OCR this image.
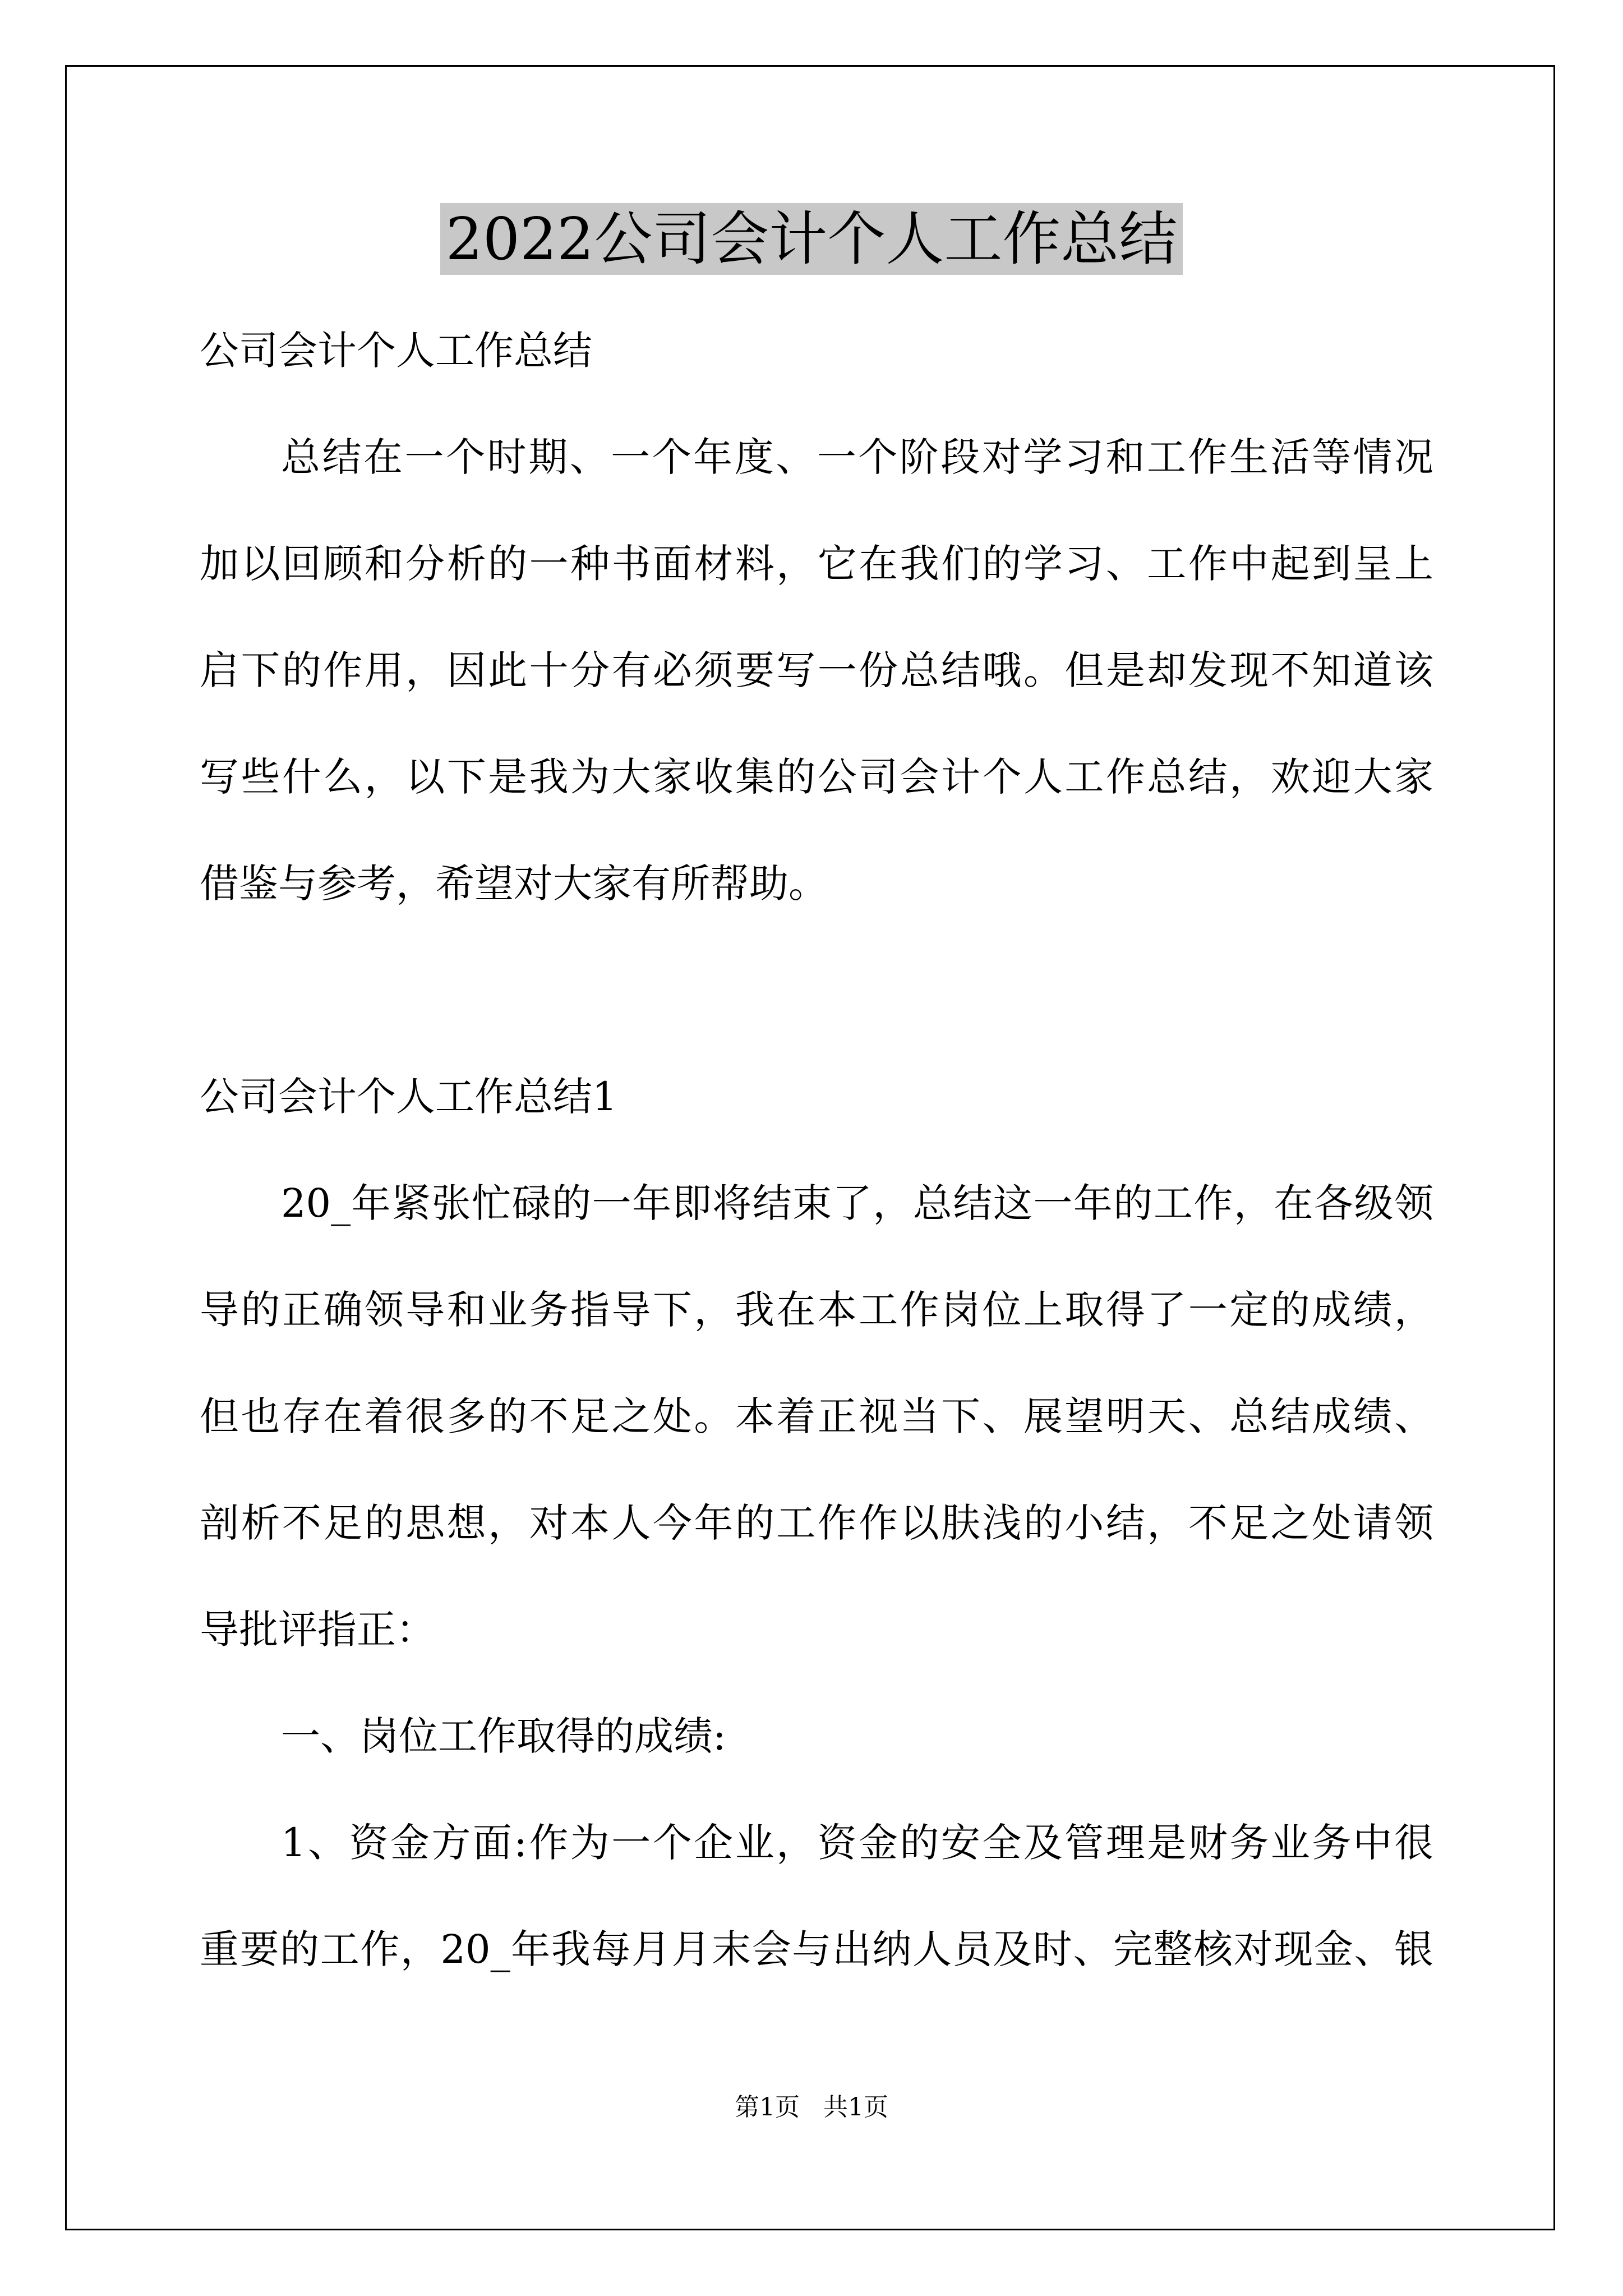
2022公司会计个人工作总结
公司会计个人工作总结
总结在一个时期、一个年度、一个阶段对学习和工作生活等情况
加以回顾和分析的一种书面材料，它在我们的学习、工作中起到呈上
启下的作用，因此十分有必须要写一份总结哦。但是却发现不知道该
写些什么，以下是我为大家收集的公司会计个人工作总结，欢迎大家
借鉴与参考，希望对大家有所帮助。
公司会计个人工作总结1
20_年紧张忙碌的一年即将结束了，总结这一年的工作，在各级领
导的正确领导和业务指导下，我在本工作岗位上取得了一定的成绩，
但也存在着很多的不足之处。本着正视当下、展望明天、总结成绩、
剖析不足的思想，对本人今年的工作作以肤浅的小结，不足之处请领
导批评指正：
一、岗位工作取得的成绩:
1、资金方面:作为一个企业，资金的安全及管理是财务业务中很
重要的工作，20_年我每月月末会与出纳人员及时、完整核对现金、银
第1页   共1页
